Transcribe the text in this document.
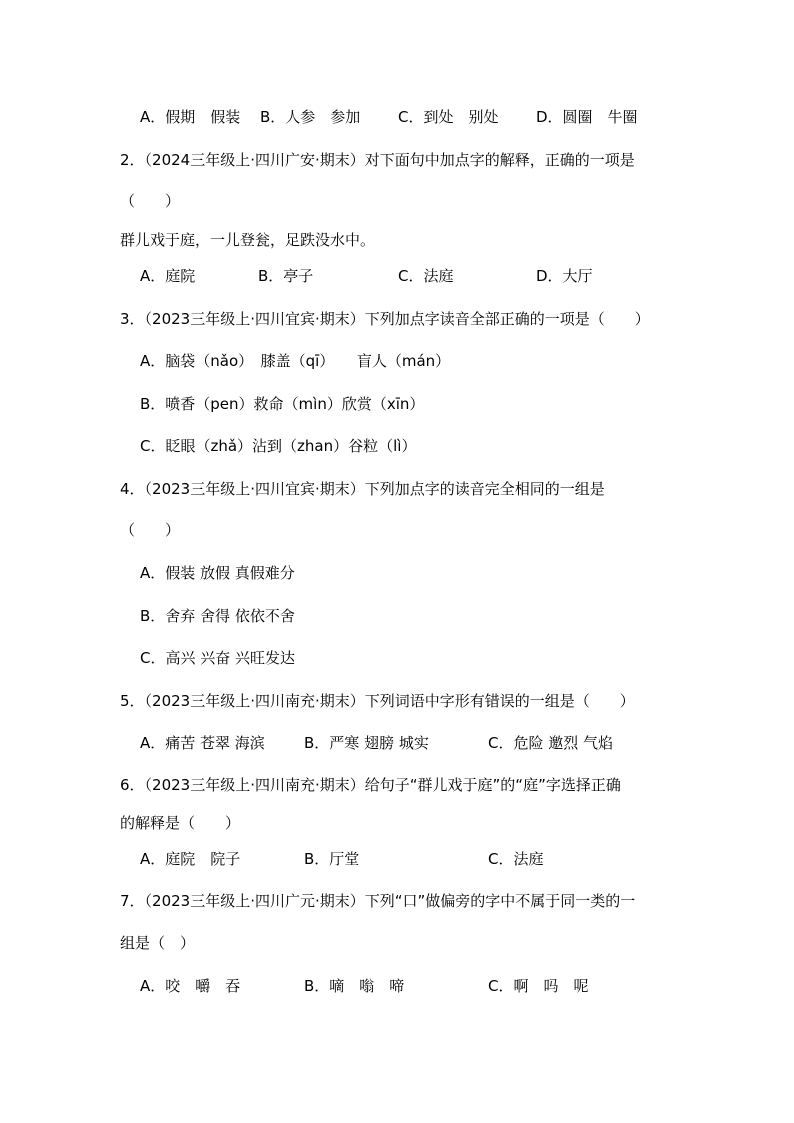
A．假期　假装 B．人参　参加	C．到处　别处	D．圆圈　牛圈
2．（2024三年级上·四川广安·期末）对下面句中加点字的解释，正确的一项是
（　　）
群儿戏于庭，一儿登瓮，足跌没水中。
A．庭院	B．亭子	C．法庭	D．大厅
3．（2023三年级上·四川宜宾·期末）下列加点字读音全部正确的一项是（　　）
A．脑袋（nǎo）　膝盖（qī）　　盲人（mán）
B．喷香（pen）救命（mìn）欣赏（xīn）
C．眨眼（zhǎ）沾到（zhan）谷粒（lì）
4．（2023三年级上·四川宜宾·期末）下列加点字的读音完全相同的一组是
（　　）
A．假装 放假 真假难分
B．舍弃 舍得 依依不舍
C．高兴 兴奋 兴旺发达
5．（2023三年级上·四川南充·期末）下列词语中字形有错误的一组是（　　）
A．痛苦 苍翠 海滨	B．严寒 翅膀 城实	C．危险 邀烈 气焰
6．（2023三年级上·四川南充·期末）给句子“群儿戏于庭”的“庭”字选择正确
的解释是（　　）
A．庭院　院子	B．厅堂	C．法庭
7．（2023三年级上·四川广元·期末）下列“口”做偏旁的字中不属于同一类的一
组是（　）
A．咬　嚼　吞	B．嘀　嗡　啼	C．啊　吗　呢
